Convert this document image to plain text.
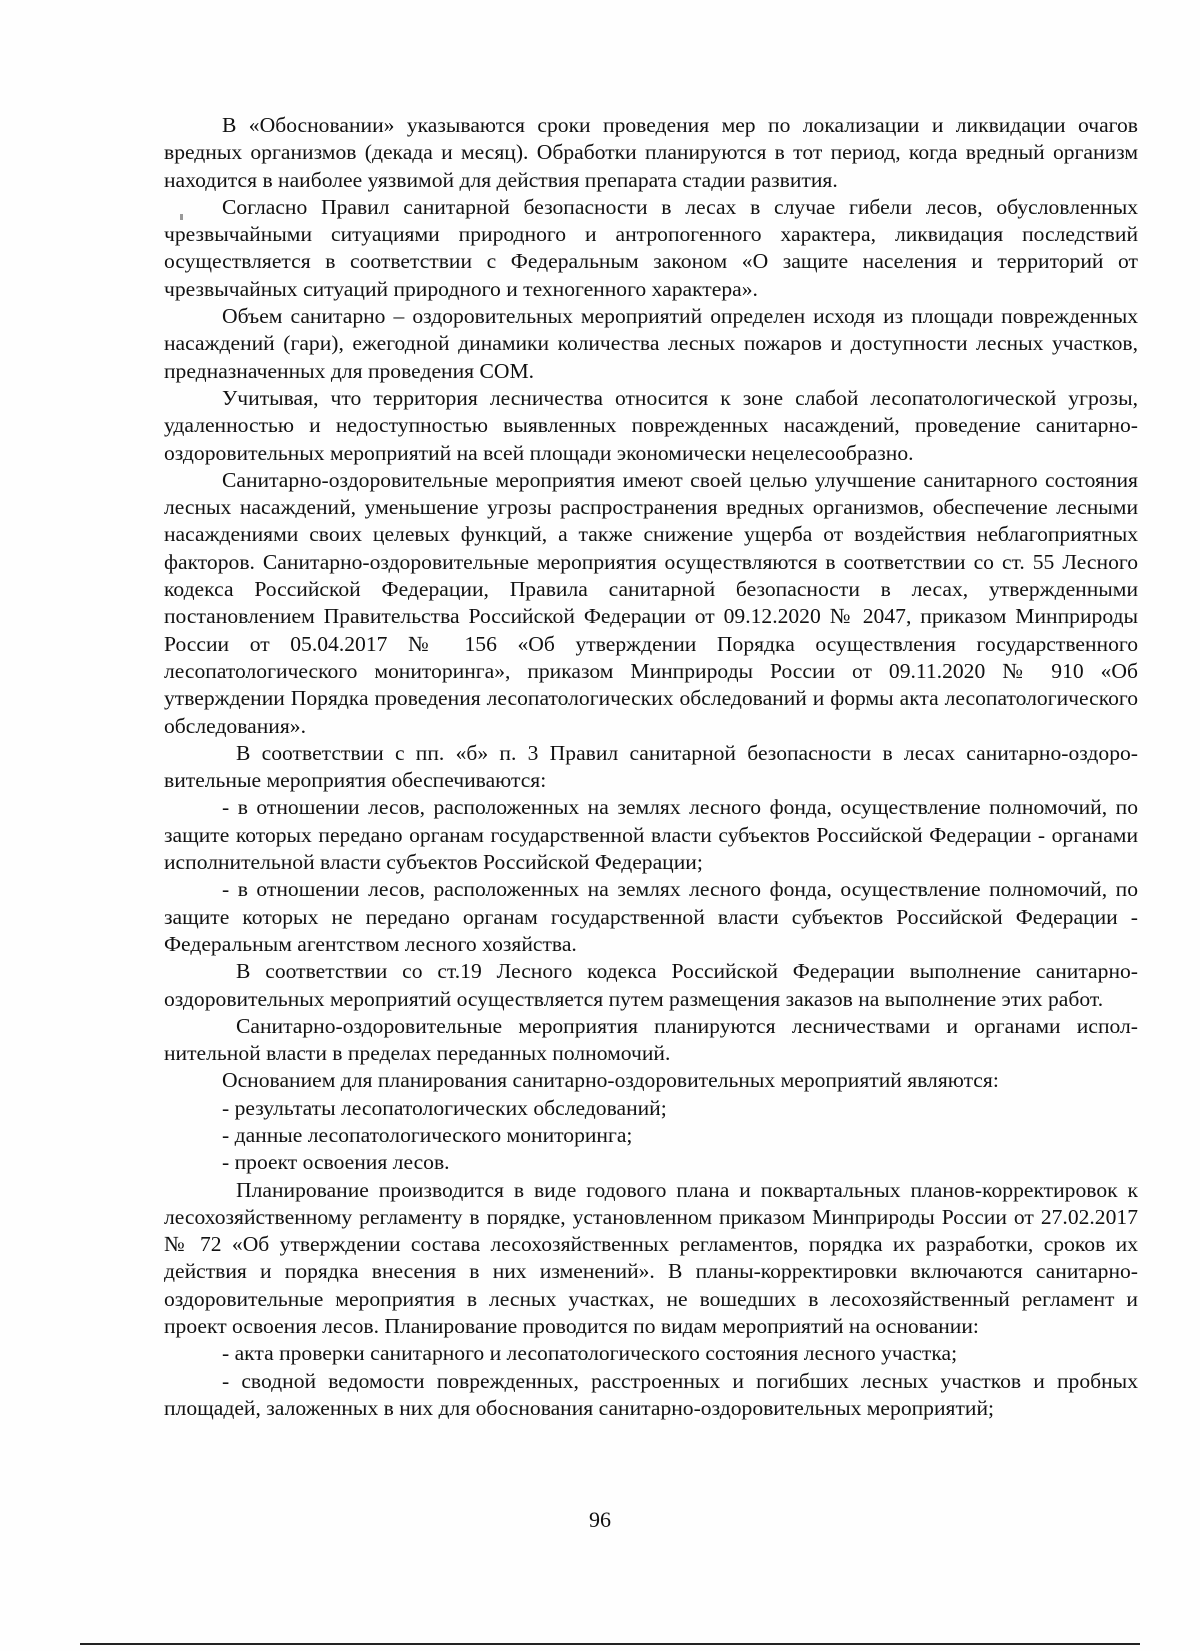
В «Обосновании» указываются сроки проведения мер по локализации и ликвидации очагов вредных организмов (декада и месяц). Обработки планируются в тот период, когда вредный организм находится в наиболее уязвимой для действия препарата стадии развития.

Согласно Правил санитарной безопасности в лесах в случае гибели лесов, обусловленных чрезвычайными ситуациями природного и антропогенного характера, ликвидация последствий осуществляется в соответствии с Федеральным законом «О защите населения и территорий от чрезвычайных ситуаций природного и техногенного характера».

Объем санитарно – оздоровительных мероприятий определен исходя из площади поврежденных насаждений (гари), ежегодной динамики количества лесных пожаров и доступности лесных участков, предназначенных для проведения СОМ.

Учитывая, что территория лесничества относится к зоне слабой лесопатологической угрозы, удаленностью и недоступностью выявленных поврежденных насаждений, проведение санитарно-оздоровительных мероприятий на всей площади экономически нецелесообразно.

Санитарно-оздоровительные мероприятия имеют своей целью улучшение санитарного состояния лесных насаждений, уменьшение угрозы распространения вредных организмов, обеспечение лесными насаждениями своих целевых функций, а также снижение ущерба от воздействия неблагоприятных факторов. Санитарно-оздоровительные мероприятия осуществляются в соответствии со ст. 55 Лесного кодекса Российской Федерации, Правила санитарной безопасности в лесах, утвержденными постановлением Правительства Российской Федерации от 09.12.2020 № 2047, приказом Минприроды России от 05.04.2017 № 156 «Об утверждении Порядка осуществления государственного лесопатологического мониторинга», приказом Минприроды России от 09.11.2020 № 910 «Об утверждении Порядка проведения лесопатологических обследований и формы акта лесопатологического обследования».

В соответствии с пп. «б» п. 3 Правил санитарной безопасности в лесах санитарно-оздоровительные мероприятия обеспечиваются:

- в отношении лесов, расположенных на землях лесного фонда, осуществление полномочий, по защите которых передано органам государственной власти субъектов Российской Федерации - органами исполнительной власти субъектов Российской Федерации;

- в отношении лесов, расположенных на землях лесного фонда, осуществление полномочий, по защите которых не передано органам государственной власти субъектов Российской Федерации - Федеральным агентством лесного хозяйства.

В соответствии со ст.19 Лесного кодекса Российской Федерации выполнение санитарно-оздоровительных мероприятий осуществляется путем размещения заказов на выполнение этих работ.

Санитарно-оздоровительные мероприятия планируются лесничествами и органами исполнительной власти в пределах переданных полномочий.

Основанием для планирования санитарно-оздоровительных мероприятий являются:

- результаты лесопатологических обследований;

- данные лесопатологического мониторинга;

- проект освоения лесов.

Планирование производится в виде годового плана и поквартальных планов-корректировок к лесохозяйственному регламенту в порядке, установленном приказом Минприроды России от 27.02.2017 № 72 «Об утверждении состава лесохозяйственных регламентов, порядка их разработки, сроков их действия и порядка внесения в них изменений». В планы-корректировки включаются санитарно-оздоровительные мероприятия в лесных участках, не вошедших в лесохозяйственный регламент и проект освоения лесов. Планирование проводится по видам мероприятий на основании:

- акта проверки санитарного и лесопатологического состояния лесного участка;

- сводной ведомости поврежденных, расстроенных и погибших лесных участков и пробных площадей, заложенных в них для обоснования санитарно-оздоровительных мероприятий;

96
